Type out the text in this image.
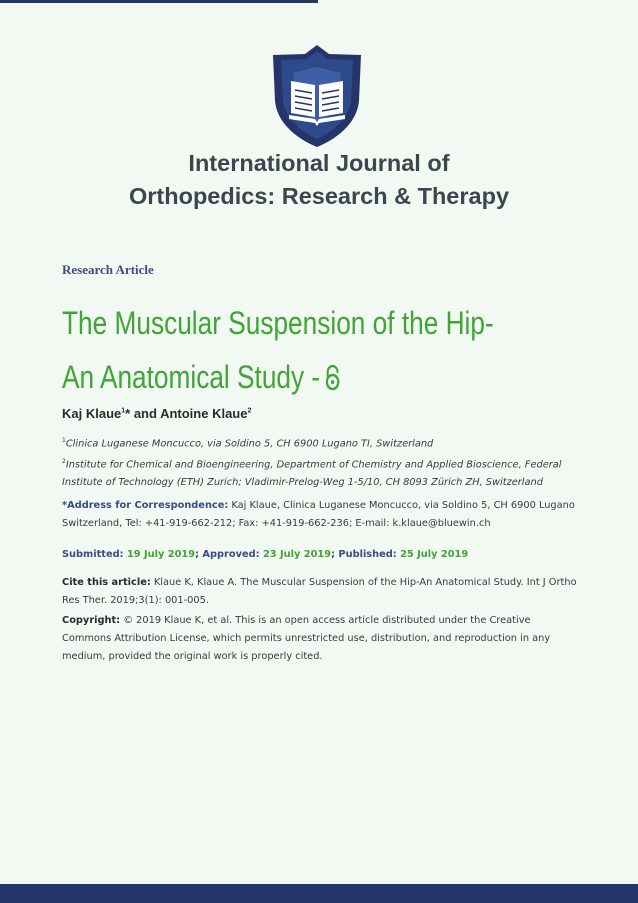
International Journal of
Orthopedics: Research & Therapy
Research Article
The Muscular Suspension of the Hip-
An Anatomical Study -
Kaj Klaue$^1$* and Antoine Klaue$^2$
$^1$Clinica Luganese Moncucco, via Soldino 5, CH 6900 Lugano TI, Switzerland
$^2$Institute for Chemical and Bioengineering, Department of Chemistry and Applied Bioscience, Federal Institute of Technology (ETH) Zurich; Vladimir-Prelog-Weg 1-5/10, CH 8093 Zürich ZH, Switzerland
*Address for Correspondence: Kaj Klaue, Clinica Luganese Moncucco, via Soldino 5, CH 6900 Lugano Switzerland, Tel: +41-919-662-212; Fax: +41-919-662-236; E-mail: k.klaue@bluewin.ch
Submitted: 19 July 2019; Approved: 23 July 2019; Published: 25 July 2019
Cite this article: Klaue K, Klaue A. The Muscular Suspension of the Hip-An Anatomical Study. Int J Ortho Res Ther. 2019;3(1): 001-005.
Copyright: © 2019 Klaue K, et al. This is an open access article distributed under the Creative Commons Attribution License, which permits unrestricted use, distribution, and reproduction in any medium, provided the original work is properly cited.
